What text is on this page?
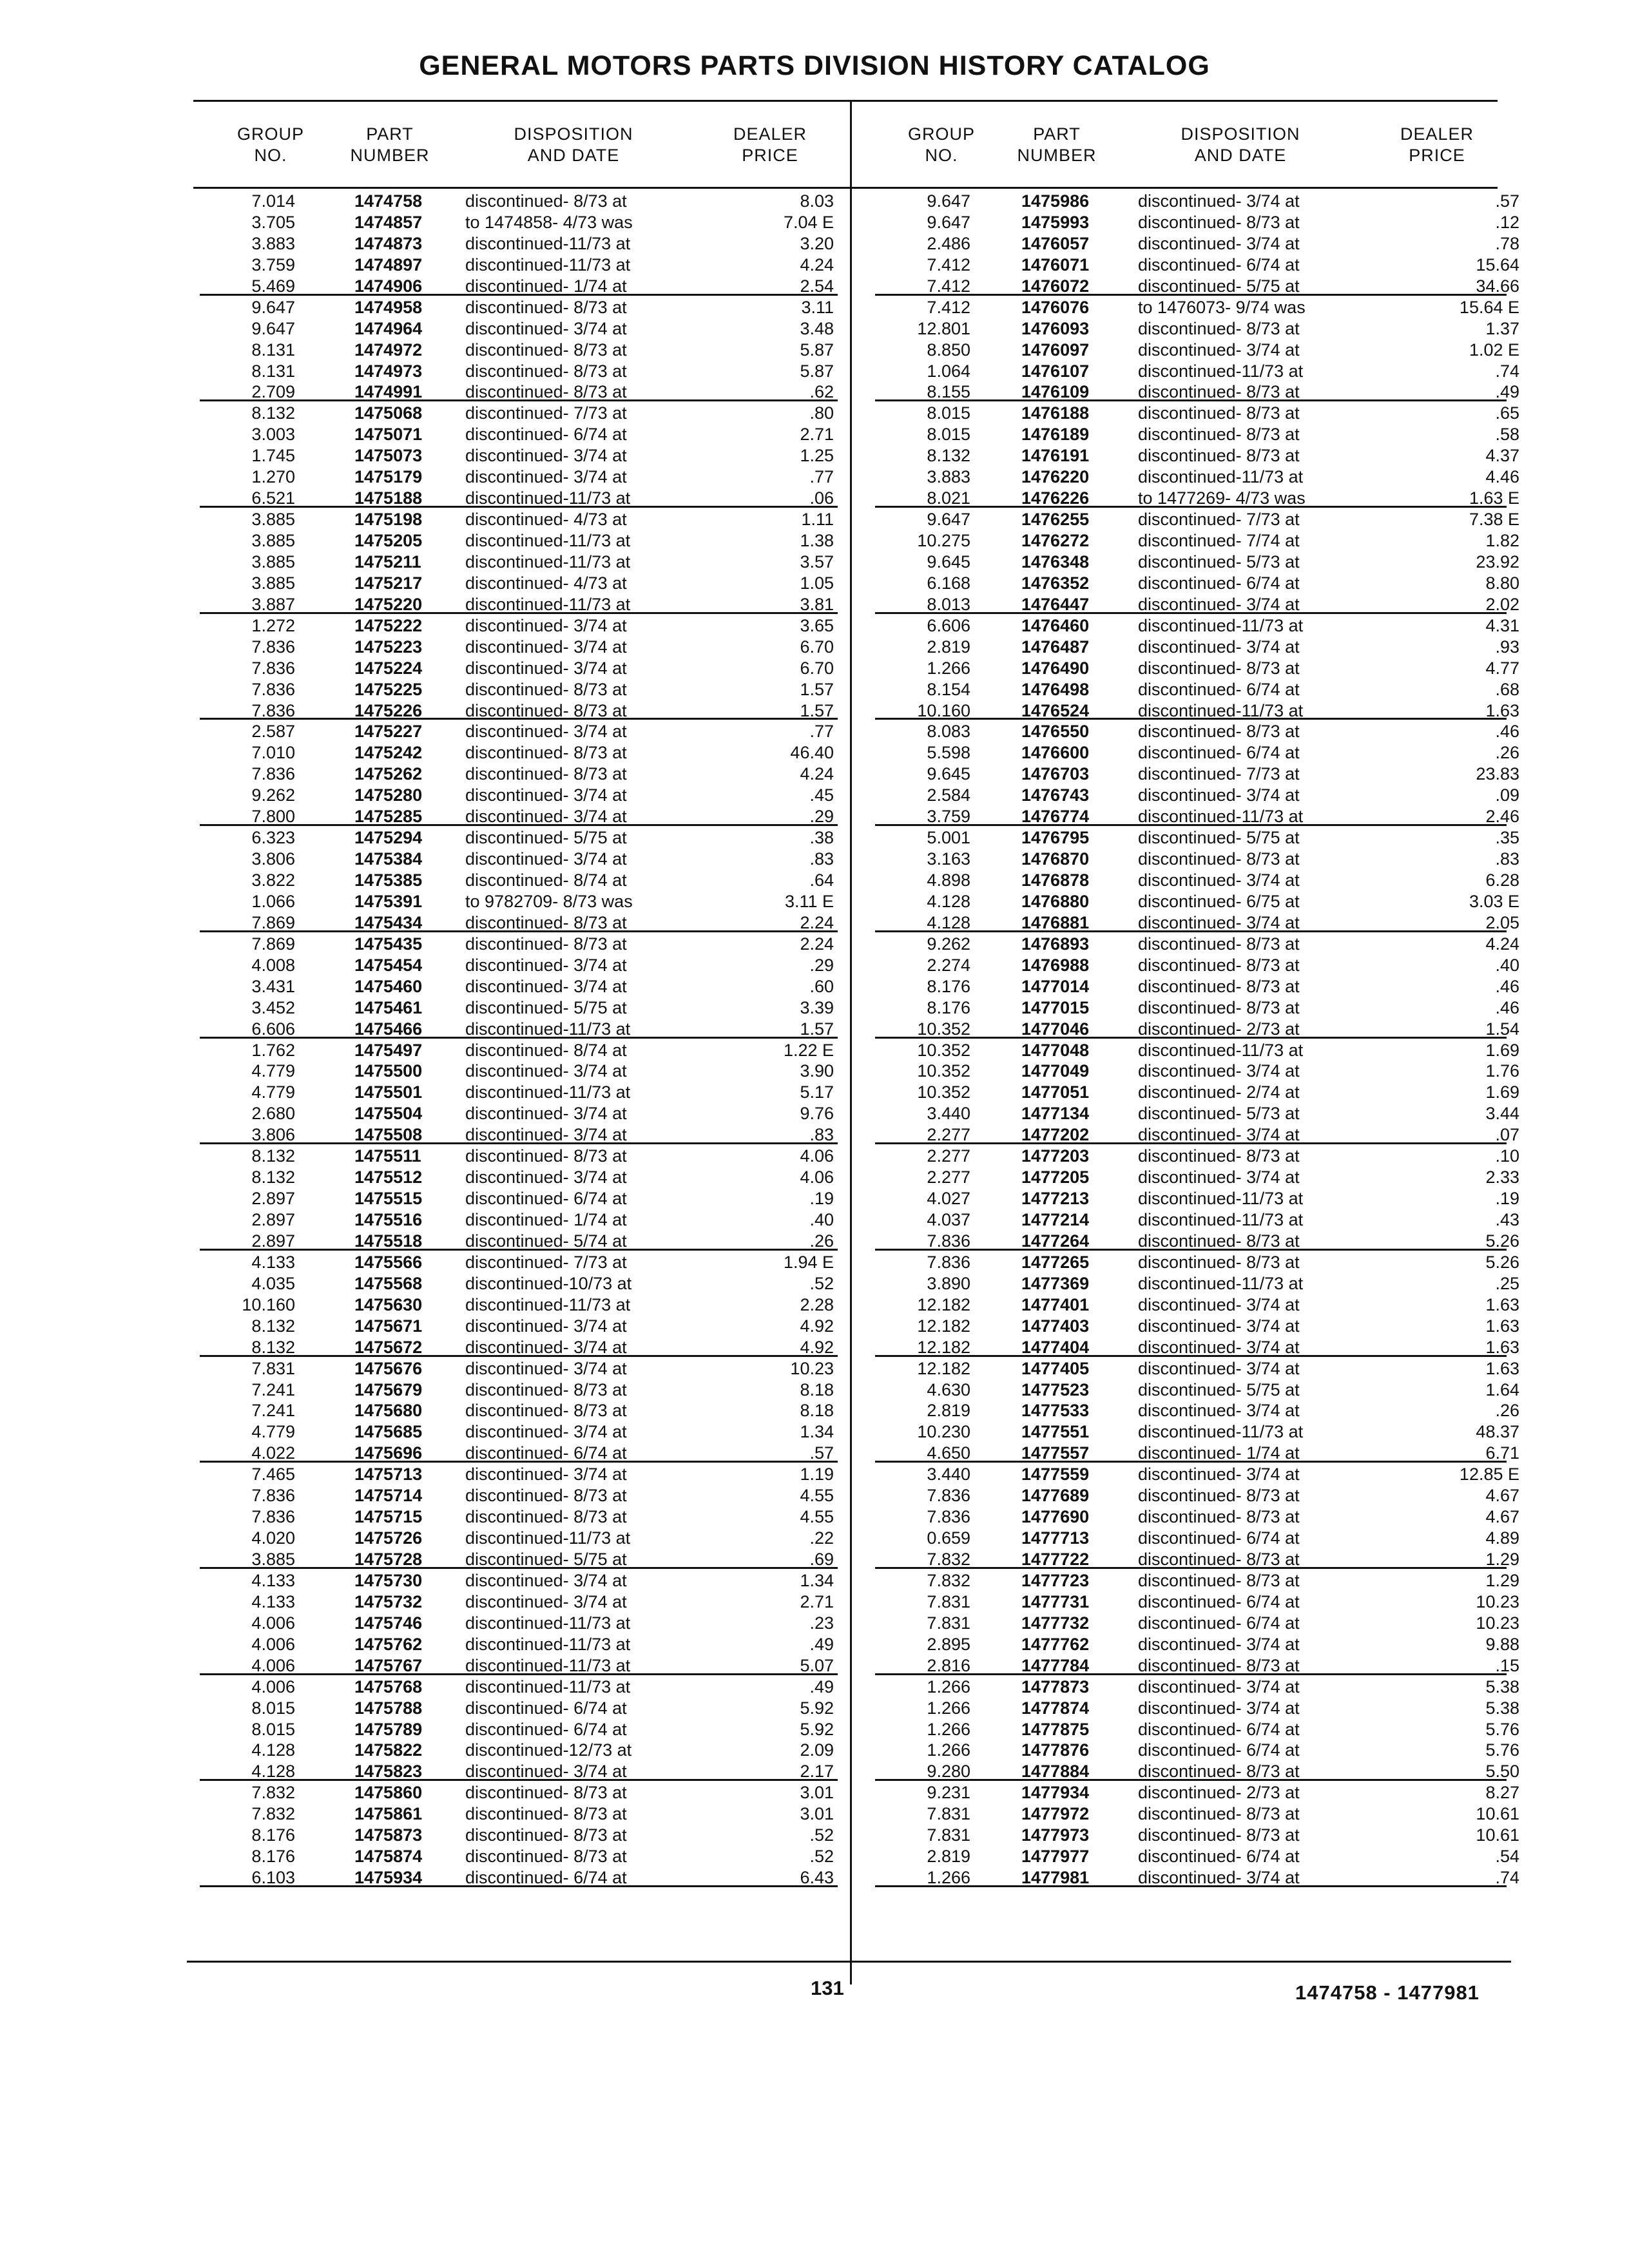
GENERAL MOTORS PARTS DIVISION HISTORY CATALOG
GROUP
NO.
PART
NUMBER
DISPOSITION
AND DATE
DEALER
PRICE
GROUP
NO.
PART
NUMBER
DISPOSITION
AND DATE
DEALER
PRICE
7.014	1474758 discontinued- 8/73 at	8.03
3.705	1474857 to 1474858- 4/73 was	7.04 E
3.883	1474873 discontinued-11/73 at	3.20
3.759	1474897 discontinued-11/73 at	4.24
5.469	1474906 discontinued- 1/74 at	2.54
9.647	1474958 discontinued- 8/73 at	3.11
9.647	1474964 discontinued- 3/74 at	3.48
8.131	1474972 discontinued- 8/73 at	5.87
8.131	1474973 discontinued- 8/73 at	5.87
2.709	1474991 discontinued- 8/73 at	.62
8.132	1475068 discontinued- 7/73 at	.80
3.003	1475071 discontinued- 6/74 at	2.71
1.745	1475073 discontinued- 3/74 at	1.25
1.270	1475179 discontinued- 3/74 at	.77
6.521	1475188 discontinued-11/73 at	.06
3.885	1475198 discontinued- 4/73 at	1.11
3.885	1475205 discontinued-11/73 at	1.38
3.885	1475211	discontinued-11/73 at	3.57
3.885	1475217 discontinued- 4/73 at	1.05
3.887	1475220 discontinued-11/73 at	3.81
1.272	1475222 discontinued- 3/74 at	3.65
7.836	1475223 discontinued- 3/74 at	6.70
7.836	1475224 discontinued- 3/74 at	6.70
7.836	1475225 discontinued- 8/73 at	1.57
7.836	1475226 discontinued- 8/73 at	1.57
2.587	1475227 discontinued- 3/74 at	.77
7.010	1475242 discontinued- 8/73 at	46.40
7.836	1475262 discontinued- 8/73 at	4.24
9.262	1475280 discontinued- 3/74 at	.45
7.800	1475285 discontinued- 3/74 at	.29
6.323	1475294 discontinued- 5/75 at	.38
3.806	1475384 discontinued- 3/74 at	.83
3.822	1475385 discontinued- 8/74 at	.64
1.066	1475391 to 9782709- 8/73 was	3.11 E
7.869	1475434 discontinued- 8/73 at	2.24
7.869	1475435 discontinued- 8/73 at	2.24
4.008	1475454 discontinued- 3/74 at	.29
3.431	1475460 discontinued- 3/74 at	.60
3.452	1475461 discontinued- 5/75 at	3.39
6.606	1475466 discontinued-11/73 at	1.57
1.762	1475497 discontinued- 8/74 at	1.22 E
4.779	1475500 discontinued- 3/74 at	3.90
4.779	1475501 discontinued-11/73 at	5.17
2.680	1475504 discontinued- 3/74 at	9.76
3.806	1475508 discontinued- 3/74 at	.83
8.132	1475511	discontinued- 8/73 at	4.06
8.132	1475512 discontinued- 3/74 at	4.06
2.897	1475515 discontinued- 6/74 at	.19
2.897	1475516 discontinued- 1/74 at	.40
2.897	1475518 discontinued- 5/74 at	.26
4.133	1475566 discontinued- 7/73 at	1.94 E
4.035	1475568 discontinued-10/73 at	.52
10.160	1475630 discontinued-11/73 at	2.28
8.132	1475671 discontinued- 3/74 at	4.92
8.132	1475672 discontinued- 3/74 at	4.92
7.831	1475676 discontinued- 3/74 at	10.23
7.241	1475679 discontinued- 8/73 at	8.18
7.241	1475680 discontinued- 8/73 at	8.18
4.779	1475685 discontinued- 3/74 at	1.34
4.022	1475696 discontinued- 6/74 at	.57
7.465	1475713 discontinued- 3/74 at	1.19
7.836	1475714 discontinued- 8/73 at	4.55
7.836	1475715 discontinued- 8/73 at	4.55
4.020	1475726 discontinued-11/73 at	.22
3.885	1475728 discontinued- 5/75 at	.69
4.133	1475730 discontinued- 3/74 at	1.34
4.133	1475732 discontinued- 3/74 at	2.71
4.006	1475746 discontinued-11/73 at	.23
4.006	1475762 discontinued-11/73 at	.49
4.006	1475767 discontinued-11/73 at	5.07
4.006	1475768 discontinued-11/73 at	.49
8.015	1475788 discontinued- 6/74 at	5.92
8.015	1475789 discontinued- 6/74 at	5.92
4.128	1475822 discontinued-12/73 at	2.09
4.128	1475823 discontinued- 3/74 at	2.17
7.832	1475860 discontinued- 8/73 at	3.01
7.832	1475861 discontinued- 8/73 at	3.01
8.176	1475873 discontinued- 8/73 at	.52
8.176	1475874 discontinued- 8/73 at	.52
6.103	1475934 discontinued- 6/74 at	6.43
9.647	1475986	discontinued- 3/74 at	.57
9.647	1475993	discontinued- 8/73 at	.12
2.486	1476057	discontinued- 3/74 at	.78
7.412	1476071	discontinued- 6/74 at	15.64
7.412	1476072	discontinued- 5/75 at	34.66
7.412	1476076	to 1476073- 9/74 was	15.64 E
12.801	1476093	discontinued- 8/73 at	1.37
8.850	1476097	discontinued- 3/74 at	1.02 E
1.064	1476107	discontinued-11/73 at	.74
8.155	1476109	discontinued- 8/73 at	.49
8.015	1476188	discontinued- 8/73 at	.65
8.015	1476189	discontinued- 8/73 at	.58
8.132	1476191	discontinued- 8/73 at	4.37
3.883	1476220	discontinued-11/73 at	4.46
8.021	1476226	to 1477269- 4/73 was	1.63 E
9.647	1476255	discontinued- 7/73 at	7.38 E
10.275	1476272	discontinued- 7/74 at	1.82
9.645	1476348	discontinued- 5/73 at	23.92
6.168	1476352	discontinued- 6/74 at	8.80
8.013	1476447	discontinued- 3/74 at	2.02
6.606	1476460	discontinued-11/73 at	4.31
2.819	1476487	discontinued- 3/74 at	.93
1.266	1476490	discontinued- 8/73 at	4.77
8.154	1476498	discontinued- 6/74 at	.68
10.160	1476524	discontinued-11/73 at	1.63
8.083	1476550	discontinued- 8/73 at	.46
5.598	1476600	discontinued- 6/74 at	.26
9.645	1476703	discontinued- 7/73 at	23.83
2.584	1476743	discontinued- 3/74 at	.09
3.759	1476774	discontinued-11/73 at	2.46
5.001	1476795	discontinued- 5/75 at	.35
3.163	1476870	discontinued- 8/73 at	.83
4.898	1476878	discontinued- 3/74 at	6.28
4.128	1476880	discontinued- 6/75 at	3.03 E
4.128	1476881	discontinued- 3/74 at	2.05
9.262	1476893	discontinued- 8/73 at	4.24
2.274	1476988	discontinued- 8/73 at	.40
8.176	1477014	discontinued- 8/73 at	.46
8.176	1477015	discontinued- 8/73 at	.46
10.352	1477046	discontinued- 2/73 at	1.54
10.352	1477048	discontinued-11/73 at	1.69
10.352	1477049	discontinued- 3/74 at	1.76
10.352	1477051	discontinued- 2/74 at	1.69
3.440	1477134	discontinued- 5/73 at	3.44
2.277	1477202	discontinued- 3/74 at	.07
2.277	1477203	discontinued- 8/73 at	.10
2.277	1477205	discontinued- 3/74 at	2.33
4.027	1477213	discontinued-11/73 at	.19
4.037	1477214	discontinued-11/73 at	.43
7.836	1477264	discontinued- 8/73 at	5.26
7.836	1477265	discontinued- 8/73 at	5.26
3.890	1477369	discontinued-11/73 at	.25
12.182	1477401	discontinued- 3/74 at	1.63
12.182	1477403	discontinued- 3/74 at	1.63
12.182	1477404	discontinued- 3/74 at	1.63
12.182	1477405	discontinued- 3/74 at	1.63
4.630	1477523	discontinued- 5/75 at	1.64
2.819	1477533	discontinued- 3/74 at	.26
10.230	1477551	discontinued-11/73 at	48.37
4.650	1477557	discontinued- 1/74 at	6.71
3.440	1477559	discontinued- 3/74 at	12.85 E
7.836	1477689	discontinued- 8/73 at	4.67
7.836	1477690	discontinued- 8/73 at	4.67
0.659	1477713	discontinued- 6/74 at	4.89
7.832	1477722	discontinued- 8/73 at	1.29
7.832	1477723	discontinued- 8/73 at	1.29
7.831	1477731	discontinued- 6/74 at	10.23
7.831	1477732	discontinued- 6/74 at	10.23
2.895	1477762	discontinued- 3/74 at	9.88
2.816	1477784	discontinued- 8/73 at	.15
1.266	1477873	discontinued- 3/74 at	5.38
1.266	1477874	discontinued- 3/74 at	5.38
1.266	1477875	discontinued- 6/74 at	5.76
1.266	1477876	discontinued- 6/74 at	5.76
9.280	1477884	discontinued- 8/73 at	5.50
9.231	1477934	discontinued- 2/73 at	8.27
7.831	1477972	discontinued- 8/73 at	10.61
7.831	1477973	discontinued- 8/73 at	10.61
2.819	1477977	discontinued- 6/74 at	.54
1.266	1477981	discontinued- 3/74 at	.74
131	1474758 - 1477981
